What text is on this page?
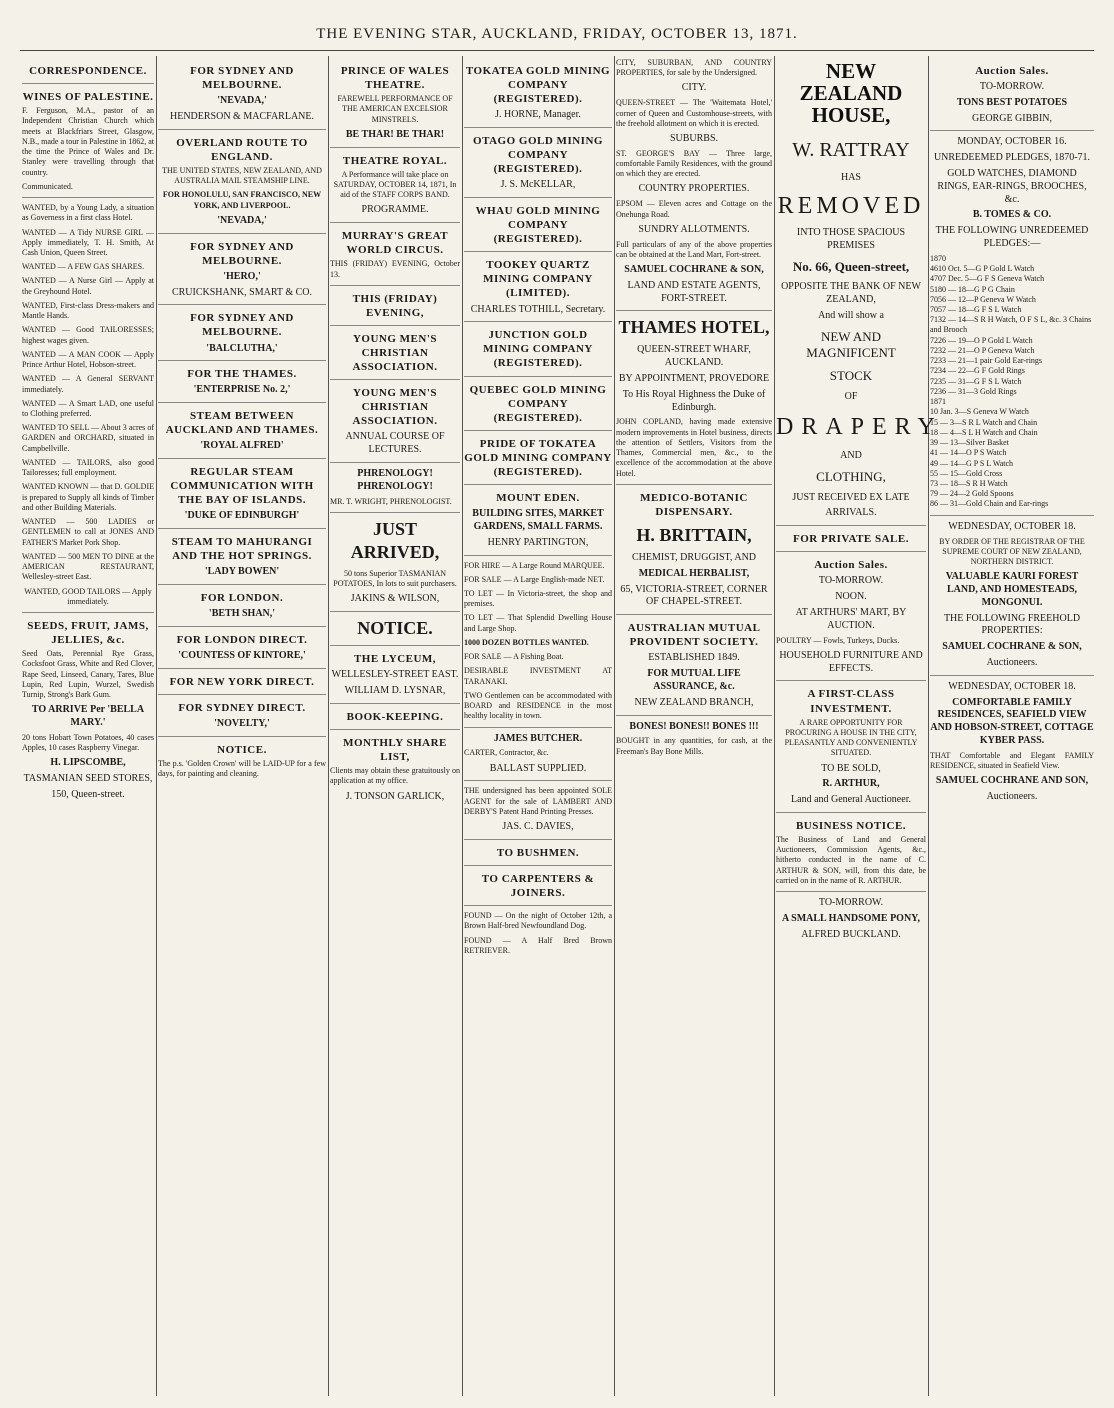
THE EVENING STAR, AUCKLAND, FRIDAY, OCTOBER 13, 1871.
CORRESPONDENCE.
WINES OF PALESTINE.

F. Ferguson, M.A., pastor of an Independent Christian Church which meets at Blackfriars Street, Glasgow, N.B., made a tour in Palestine in 1862, at the time the Prince of Wales and Dr. Stanley were travelling through that country.

Communicated.

WANTED, by a Young Lady, a situation as Governess in a first class Hotel.

WANTED — A Tidy NURSE GIRL — Apply immediately, T. H. Smith, At Cash Union, Queen Street.

WANTED — A FEW GAS SHARES.

WANTED — A Nurse Girl — Apply at the Greyhound Hotel.

WANTED, First-class Dress-makers and Mantle Hands.

WANTED — Good TAILORESSES; highest wages given.

WANTED — A MAN COOK — Apply Prince Arthur Hotel, Hobson-street.

WANTED — A General SERVANT immediately.

WANTED — A Smart LAD, one useful to Clothing preferred.

WANTED TO SELL — About 3 acres of GARDEN and ORCHARD, situated in Campbellville.

WANTED — TAILORS, also good Tailoresses; full employment.

WANTED KNOWN — that D. GOLDIE is prepared to Supply all kinds of Timber and other Building Materials.

WANTED — 500 LADIES or GENTLEMEN to call at JONES AND FATHER'S Market Pork Shop.

WANTED — 500 MEN TO DINE at the AMERICAN RESTAURANT, Wellesley-street East.

WANTED, GOOD TAILORS — Apply immediately.

SEEDS, FRUIT, JAMS, JELLIES, &c.

Seed Oats, Perennial Rye Grass, Cocksfoot Grass, White and Red Clover, Rape Seed, Linseed, Canary, Tares, Blue Lupin, Red Lupin, Wurzel, Swedish Turnip, Strong's Bark Gum.

TO ARRIVE Per 'BELLA MARY.'

20 tons Hobart Town Potatoes, 40 cases Apples, 10 cases Raspberry Vinegar.

H. LIPSCOMBE,
TASMANIAN SEED STORES,
150, Queen-street.
FOR SYDNEY AND MELBOURNE.
'NEVADA,'
HENDERSON & MACFARLANE.
OVERLAND ROUTE TO ENGLAND.

THE UNITED STATES, NEW ZEALAND, AND AUSTRALIA MAIL STEAMSHIP LINE.

FOR HONOLULU, SAN FRANCISCO, NEW YORK, AND LIVERPOOL.

'NEVADA,'
FOR SYDNEY AND MELBOURNE.
'HERO,'
CRUICKSHANK, SMART & CO.
FOR SYDNEY AND MELBOURNE.
'BALCLUTHA,'
FOR THE THAMES.
'ENTERPRISE No. 2,'
STEAM BETWEEN AUCKLAND AND THAMES.
'ROYAL ALFRED'
REGULAR STEAM COMMUNICATION WITH THE BAY OF ISLANDS.
'DUKE OF EDINBURGH'
STEAM TO MAHURANGI AND THE HOT SPRINGS.
'LADY BOWEN'
FOR LONDON.
'BETH SHAN,'
FOR LONDON DIRECT.
'COUNTESS OF KINTORE,'
FOR NEW YORK DIRECT.
FOR SYDNEY DIRECT.
'NOVELTY,'
NOTICE.

The p.s. 'Golden Crown' will be LAID-UP for a few days, for painting and cleaning.

PRINCE OF WALES THEATRE.

FAREWELL PERFORMANCE OF THE AMERICAN EXCELSIOR MINSTRELS.

BE THAR! BE THAR!
THEATRE ROYAL.

A Performance will take place on SATURDAY, OCTOBER 14, 1871, In aid of the STAFF CORPS BAND.

PROGRAMME.
MURRAY'S GREAT WORLD CIRCUS.

THIS (FRIDAY) EVENING, October 13.

THIS (FRIDAY) EVENING,
YOUNG MEN'S CHRISTIAN ASSOCIATION.
YOUNG MEN'S CHRISTIAN ASSOCIATION.
ANNUAL COURSE OF LECTURES.
PHRENOLOGY! PHRENOLOGY!

MR. T. WRIGHT, PHRENOLOGIST.

JUST ARRIVED,

50 tons Superior TASMANIAN POTATOES, In lots to suit purchasers.

JAKINS & WILSON,
NOTICE.
THE LYCEUM,
WELLESLEY-STREET EAST.
WILLIAM D. LYSNAR,
BOOK-KEEPING.
MONTHLY SHARE LIST,

Clients may obtain these gratuitously on application at my office.

J. TONSON GARLICK,
TOKATEA GOLD MINING COMPANY (REGISTERED).
J. HORNE, Manager.
OTAGO GOLD MINING COMPANY (REGISTERED).
J. S. McKELLAR,
WHAU GOLD MINING COMPANY (REGISTERED).
TOOKEY QUARTZ MINING COMPANY (LIMITED).
CHARLES TOTHILL, Secretary.
JUNCTION GOLD MINING COMPANY (REGISTERED).
QUEBEC GOLD MINING COMPANY (REGISTERED).
PRIDE OF TOKATEA GOLD MINING COMPANY (REGISTERED).
MOUNT EDEN.
BUILDING SITES, MARKET GARDENS, SMALL FARMS.
HENRY PARTINGTON,

FOR HIRE — A Large Round MARQUEE.

FOR SALE — A Large English-made NET.

TO LET — In Victoria-street, the shop and premises.

TO LET — That Splendid Dwelling House and Large Shop.

1000 DOZEN BOTTLES WANTED.

FOR SALE — A Fishing Boat.

DESIRABLE INVESTMENT AT TARANAKI.

TWO Gentlemen can be accommodated with BOARD and RESIDENCE in the most healthy locality in town.

JAMES BUTCHER.

CARTER, Contractor, &c.

BALLAST SUPPLIED.

THE undersigned has been appointed SOLE AGENT for the sale of LAMBERT AND DERBY'S Patent Hand Printing Presses.

JAS. C. DAVIES,
TO BUSHMEN.
TO CARPENTERS & JOINERS.

FOUND — On the night of October 12th, a Brown Half-bred Newfoundland Dog.

FOUND — A Half Bred Brown RETRIEVER.

CITY, SUBURBAN, AND COUNTRY PROPERTIES, for sale by the Undersigned.

CITY.

QUEEN-STREET — The 'Waitemata Hotel,' corner of Queen and Customhouse-streets, with the freehold allotment on which it is erected.

SUBURBS.

ST. GEORGE'S BAY — Three large, comfortable Family Residences, with the ground on which they are erected.

COUNTRY PROPERTIES.

EPSOM — Eleven acres and Cottage on the Onehunga Road.

SUNDRY ALLOTMENTS.

Full particulars of any of the above properties can be obtained at the Land Mart, Fort-street.

SAMUEL COCHRANE & SON,
LAND AND ESTATE AGENTS, FORT-STREET.
THAMES HOTEL,
QUEEN-STREET WHARF, AUCKLAND.
BY APPOINTMENT, PROVEDORE
To His Royal Highness the Duke of Edinburgh.

JOHN COPLAND, having made extensive modern improvements in Hotel business, directs the attention of Settlers, Visitors from the Thames, Commercial men, &c., to the excellence of the accommodation at the above Hotel.

MEDICO-BOTANIC DISPENSARY.
H. BRITTAIN,
CHEMIST, DRUGGIST, AND
MEDICAL HERBALIST,
65, VICTORIA-STREET, CORNER OF CHAPEL-STREET.
AUSTRALIAN MUTUAL PROVIDENT SOCIETY.
ESTABLISHED 1849.
FOR MUTUAL LIFE ASSURANCE, &c.
NEW ZEALAND BRANCH,
BONES! BONES!! BONES !!!

BOUGHT in any quantities, for cash, at the Freeman's Bay Bone Mills.

NEW ZEALAND
HOUSE,
W. RATTRAY
HAS
REMOVED
INTO THOSE SPACIOUS PREMISES
No. 66, Queen-street,
OPPOSITE THE BANK OF NEW ZEALAND,
And will show a
NEW AND MAGNIFICENT
STOCK
OF
DRAPERY
AND
CLOTHING,
JUST RECEIVED EX LATE
ARRIVALS.
FOR PRIVATE SALE.
Auction Sales.
TO-MORROW.
NOON.
AT ARTHURS' MART, BY AUCTION.

POULTRY — Fowls, Turkeys, Ducks.

HOUSEHOLD FURNITURE AND EFFECTS.
A FIRST-CLASS INVESTMENT.

A RARE OPPORTUNITY FOR PROCURING A HOUSE IN THE CITY, PLEASANTLY AND CONVENIENTLY SITUATED.

TO BE SOLD,
R. ARTHUR,
Land and General Auctioneer.
BUSINESS NOTICE.

The Business of Land and General Auctioneers, Commission Agents, &c., hitherto conducted in the name of C. ARTHUR & SON, will, from this date, be carried on in the name of R. ARTHUR.

TO-MORROW.
A SMALL HANDSOME PONY,
ALFRED BUCKLAND.
Auction Sales.
TO-MORROW.
TONS BEST POTATOES
GEORGE GIBBIN,
MONDAY, OCTOBER 16.
UNREDEEMED PLEDGES, 1870-71.
GOLD WATCHES, DIAMOND RINGS, EAR-RINGS, BROOCHES, &c.
B. TOMES & CO.
THE FOLLOWING UNREDEEMED PLEDGES:—
1870
4610 Oct. 5—G P Gold L Watch
4707 Dec. 5—G F S Geneva Watch
5180 — 18—G P G Chain
7056 — 12—P Geneva W Watch
7057 — 18—G F S L Watch
7132 — 14—S R H Watch, O F S L, &c. 3 Chains and Brooch
7226 — 19—O P Gold L Watch
7232 — 21—O P Geneva Watch
7233 — 21—1 pair Gold Ear-rings
7234 — 22—G F Gold Rings
7235 — 31—G F S L Watch
7236 — 31—3 Gold Rings
1871
10 Jan. 3—S Geneva W Watch
15 — 3—S R L Watch and Chain
18 — 4—S L H Watch and Chain
39 — 13—Silver Basket
41 — 14—O P S Watch
49 — 14—G P S L Watch
55 — 15—Gold Cross
73 — 18—S R H Watch
79 — 24—2 Gold Spoons
86 — 31—Gold Chain and Ear-rings
WEDNESDAY, OCTOBER 18.

BY ORDER OF THE REGISTRAR OF THE SUPREME COURT OF NEW ZEALAND, NORTHERN DISTRICT.

VALUABLE KAURI FOREST LAND, AND HOMESTEADS, MONGONUI.
THE FOLLOWING FREEHOLD PROPERTIES:
SAMUEL COCHRANE & SON,
Auctioneers.
WEDNESDAY, OCTOBER 18.
COMFORTABLE FAMILY RESIDENCES, SEAFIELD VIEW AND HOBSON-STREET, COTTAGE KYBER PASS.

THAT Comfortable and Elegant FAMILY RESIDENCE, situated in Seafield View.

SAMUEL COCHRANE AND SON,
Auctioneers.
